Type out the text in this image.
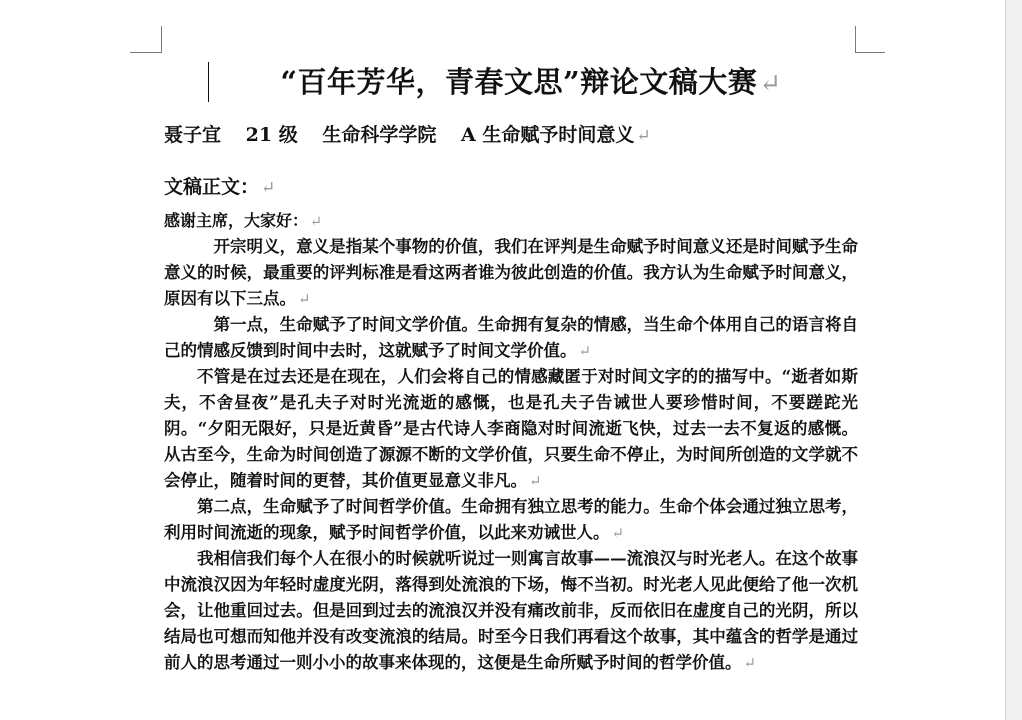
“百年芳华，青春文思”辩论文稿大赛↵
聂子宜 21 级 生命科学学院 A 生命赋予时间意义 ↵
文稿正文： ↵
感谢主席，大家好： ↵

开宗明义，意义是指某个事物的价值，我们在评判是生命赋予时间意义还是时间赋予生命意义的时候，最重要的评判标准是看这两者谁为彼此创造的价值。我方认为生命赋予时间意义，原因有以下三点。 ↵

第一点，生命赋予了时间文学价值。生命拥有复杂的情感，当生命个体用自己的语言将自己的情感反馈到时间中去时，这就赋予了时间文学价值。 ↵

不管是在过去还是在现在，人们会将自己的情感藏匿于对时间文字的的描写中。“逝者如斯夫，不舍昼夜”是孔夫子对时光流逝的感慨，也是孔夫子告诫世人要珍惜时间，不要蹉跎光阴。“夕阳无限好，只是近黄昏”是古代诗人李商隐对时间流逝飞快，过去一去不复返的感慨。从古至今，生命为时间创造了源源不断的文学价值，只要生命不停止，为时间所创造的文学就不会停止，随着时间的更替，其价值更显意义非凡。 ↵

第二点，生命赋予了时间哲学价值。生命拥有独立思考的能力。生命个体会通过独立思考，利用时间流逝的现象，赋予时间哲学价值，以此来劝诫世人。 ↵

我相信我们每个人在很小的时候就听说过一则寓言故事——流浪汉与时光老人。在这个故事中流浪汉因为年轻时虚度光阴，落得到处流浪的下场，悔不当初。时光老人见此便给了他一次机会，让他重回过去。但是回到过去的流浪汉并没有痛改前非，反而依旧在虚度自己的光阴，所以结局也可想而知他并没有改变流浪的结局。时至今日我们再看这个故事，其中蕴含的哲学是通过前人的思考通过一则小小的故事来体现的，这便是生命所赋予时间的哲学价值。 ↵
